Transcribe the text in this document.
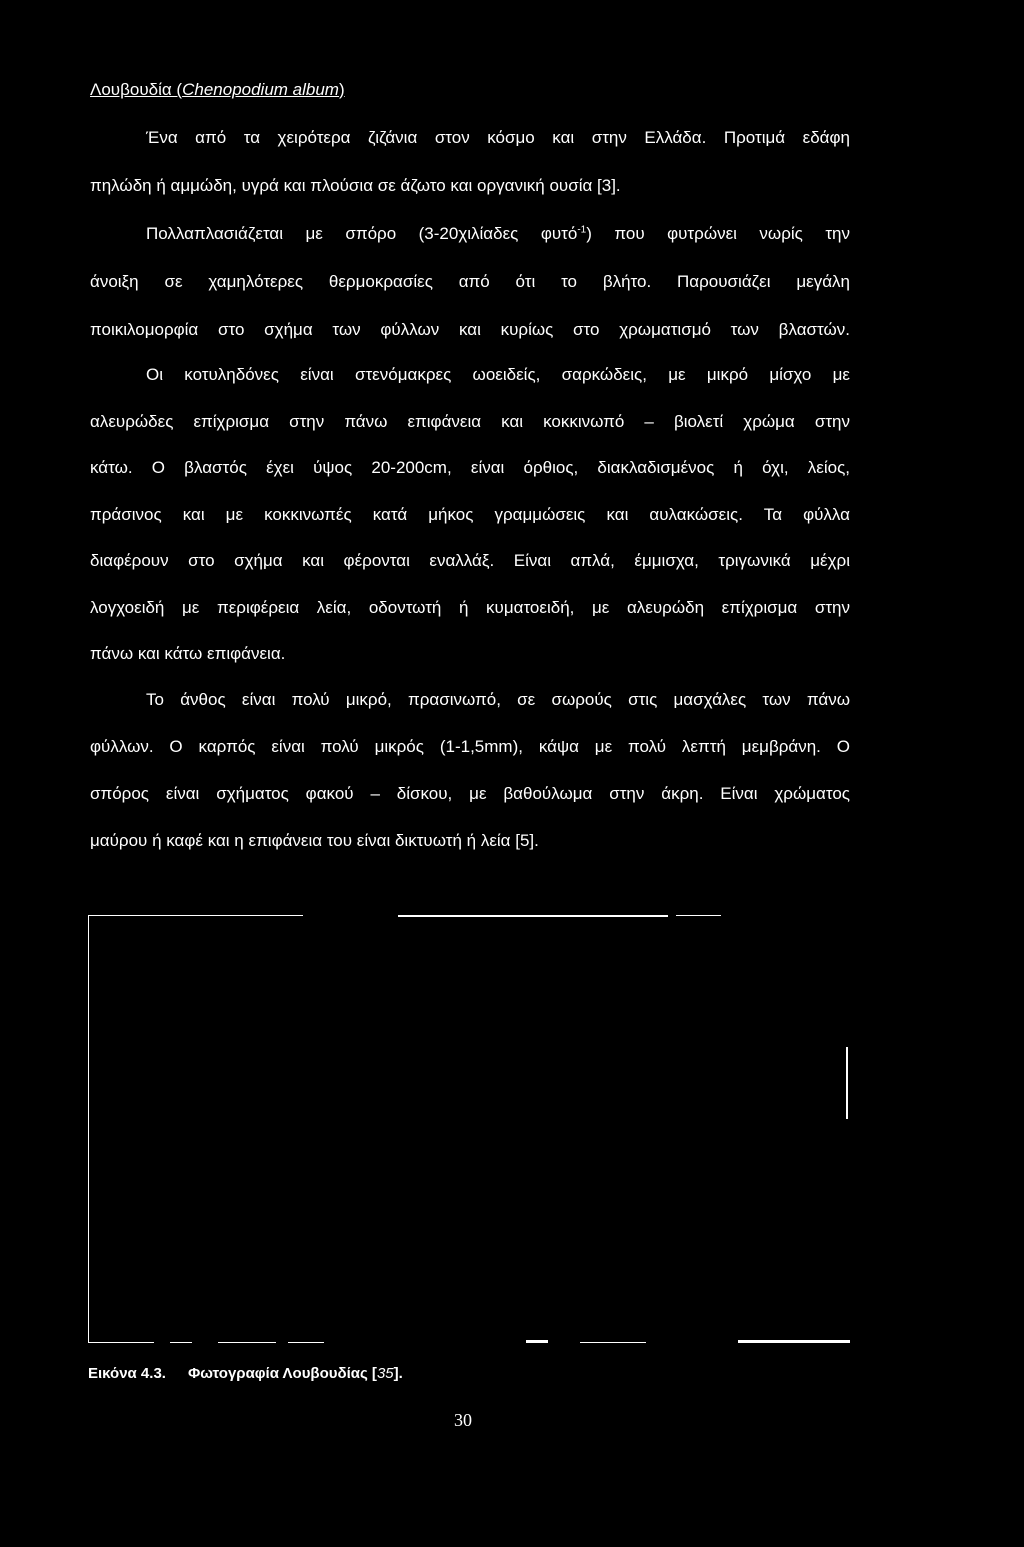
Λουβουδία (Chenopodium album)
Ένα από τα χειρότερα ζιζάνια στον κόσμο και στην Ελλάδα. Προτιμά εδάφη
πηλώδη ή αμμώδη, υγρά και πλούσια σε άζωτο και οργανική ουσία [3].
Πολλαπλασιάζεται με σπόρο (3-20χιλίαδες φυτό$^{-1}$) που φυτρώνει νωρίς την
άνοιξη σε χαμηλότερες θερμοκρασίες από ότι το βλήτο. Παρουσιάζει μεγάλη
ποικιλομορφία στο σχήμα των φύλλων και κυρίως στο χρωματισμό των βλαστών.
Οι κοτυληδόνες είναι στενόμακρες ωοειδείς, σαρκώδεις, με μικρό μίσχο με
αλευρώδες επίχρισμα στην πάνω επιφάνεια και κοκκινωπό – βιολετί χρώμα στην
κάτω. Ο βλαστός έχει ύψος 20-200cm, είναι όρθιος, διακλαδισμένος ή όχι, λείος,
πράσινος και με κοκκινωπές κατά μήκος γραμμώσεις και αυλακώσεις. Τα φύλλα
διαφέρουν στο σχήμα και φέρονται εναλλάξ. Είναι απλά, έμμισχα, τριγωνικά μέχρι
λογχοειδή με περιφέρεια λεία, οδοντωτή ή κυματοειδή, με αλευρώδη επίχρισμα στην
πάνω και κάτω επιφάνεια.
Το άνθος είναι πολύ μικρό, πρασινωπό, σε σωρούς στις μασχάλες των πάνω
φύλλων. Ο καρπός είναι πολύ μικρός (1-1,5mm), κάψα με πολύ λεπτή μεμβράνη. Ο
σπόρος είναι σχήματος φακού – δίσκου, με βαθούλωμα στην άκρη. Είναι χρώματος
μαύρου ή καφέ και η επιφάνεια του είναι δικτυωτή ή λεία [5].
Εικόνα 4.3. Φωτογραφία Λουβουδίας [35].
30
